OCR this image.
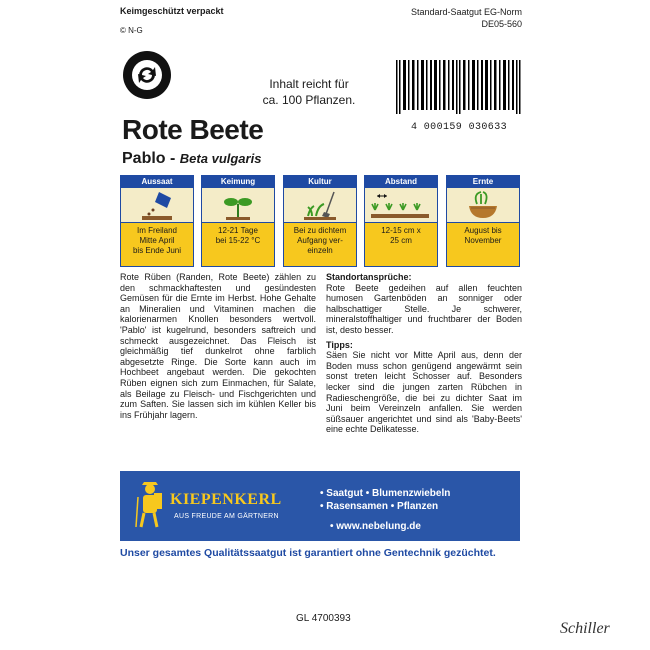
Keimgeschützt verpackt	Standard-Saatgut EG-Norm
DE05-560
© N-G
Inhalt reicht für
ca. 100 Pflanzen.
4 000159 030633
Rote Beete
Pablo - Beta vulgaris
Aussaat
Im Freiland
Mitte April
bis Ende Juni
Keimung
12-21 Tage
bei 15-22 °C
Kultur
Bei zu dichtem
Aufgang ver-
einzeln
Abstand
12-15 cm x
25 cm
Ernte
August bis
November
Rote Rüben (Randen, Rote Beete) zählen zu den schmackhaftesten und gesündesten Gemüsen für die Ernte im Herbst. Hohe Gehalte an Mineralien und Vitaminen machen die kalorienarmen Knollen besonders wertvoll. 'Pablo' ist kugelrund, besonders saftreich und schmeckt ausgezeichnet. Das Fleisch ist gleichmäßig tief dunkelrot ohne farblich abgesetzte Ringe. Die Sorte kann auch im Hochbeet angebaut werden. Die gekochten Rüben eignen sich zum Einmachen, für Salate, als Beilage zu Fleisch- und Fischgerichten und zum Saften. Sie lassen sich im kühlen Keller bis ins Frühjahr lagern.
Standortansprüche:
Rote Beete gedeihen auf allen feuchten humosen Gartenböden an sonniger oder halbschattiger Stelle. Je schwerer, mineralstoffhaltiger und fruchtbarer der Boden ist, desto besser.
Tipps:
Säen Sie nicht vor Mitte April aus, denn der Boden muss schon genügend angewärmt sein sonst treten leicht Schosser auf. Besonders lecker sind die jungen zarten Rübchen in Radieschengröße, die bei zu dichter Saat im Juni beim Vereinzeln anfallen. Sie werden süßsauer angerichtet und sind als 'Baby-Beets' eine echte Delikatesse.
KIEPENKERL
AUS FREUDE AM GÄRTNERN
• Saatgut • Blumenzwiebeln
• Rasensamen • Pflanzen
• www.nebelung.de
Unser gesamtes Qualitätssaatgut ist garantiert ohne Gentechnik gezüchtet.
GL 4700393
Schiller
